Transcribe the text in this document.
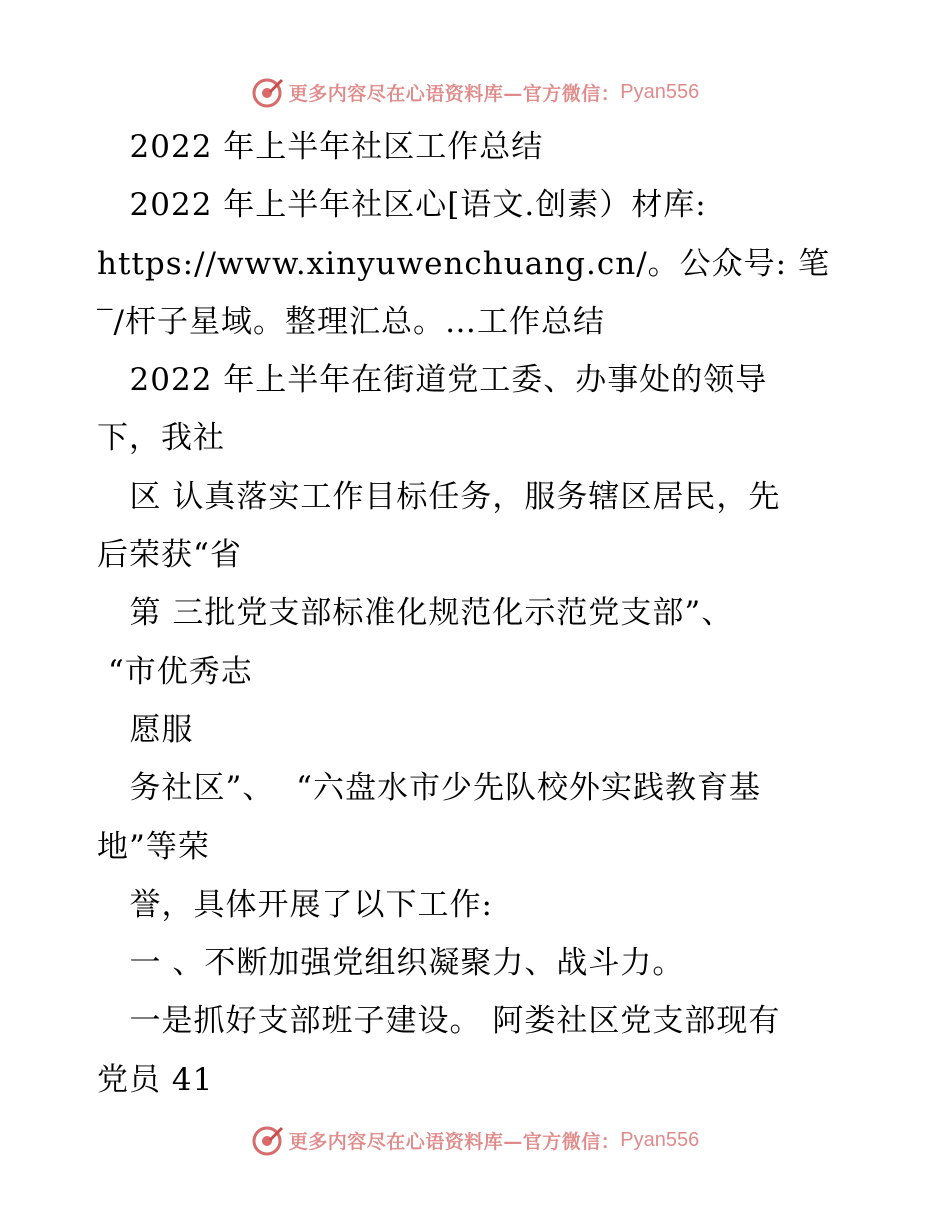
更多内容尽在心语资料库—官方微信： Pyan556
2022 年上半年社区工作总结
2022 年上半年社区心[语文.创素）材库:
https://www.xinyuwenchuang.cn/。公众号: 笔
‾/杆子星域。整理汇总。…工作总结
2022 年上半年在街道党工委、办事处的领导
下，我社
区 认真落实工作目标任务，服务辖区居民，先
后荣获“省
第 三批党支部标准化规范化示范党支部”、
“市优秀志
愿服
务社区”、  “六盘水市少先队校外实践教育基
地”等荣
誉，具体开展了以下工作:
一 、不断加强党组织凝聚力、战斗力。
一是抓好支部班子建设。 阿娄社区党支部现有
党员 41
更多内容尽在心语资料库—官方微信： Pyan556
